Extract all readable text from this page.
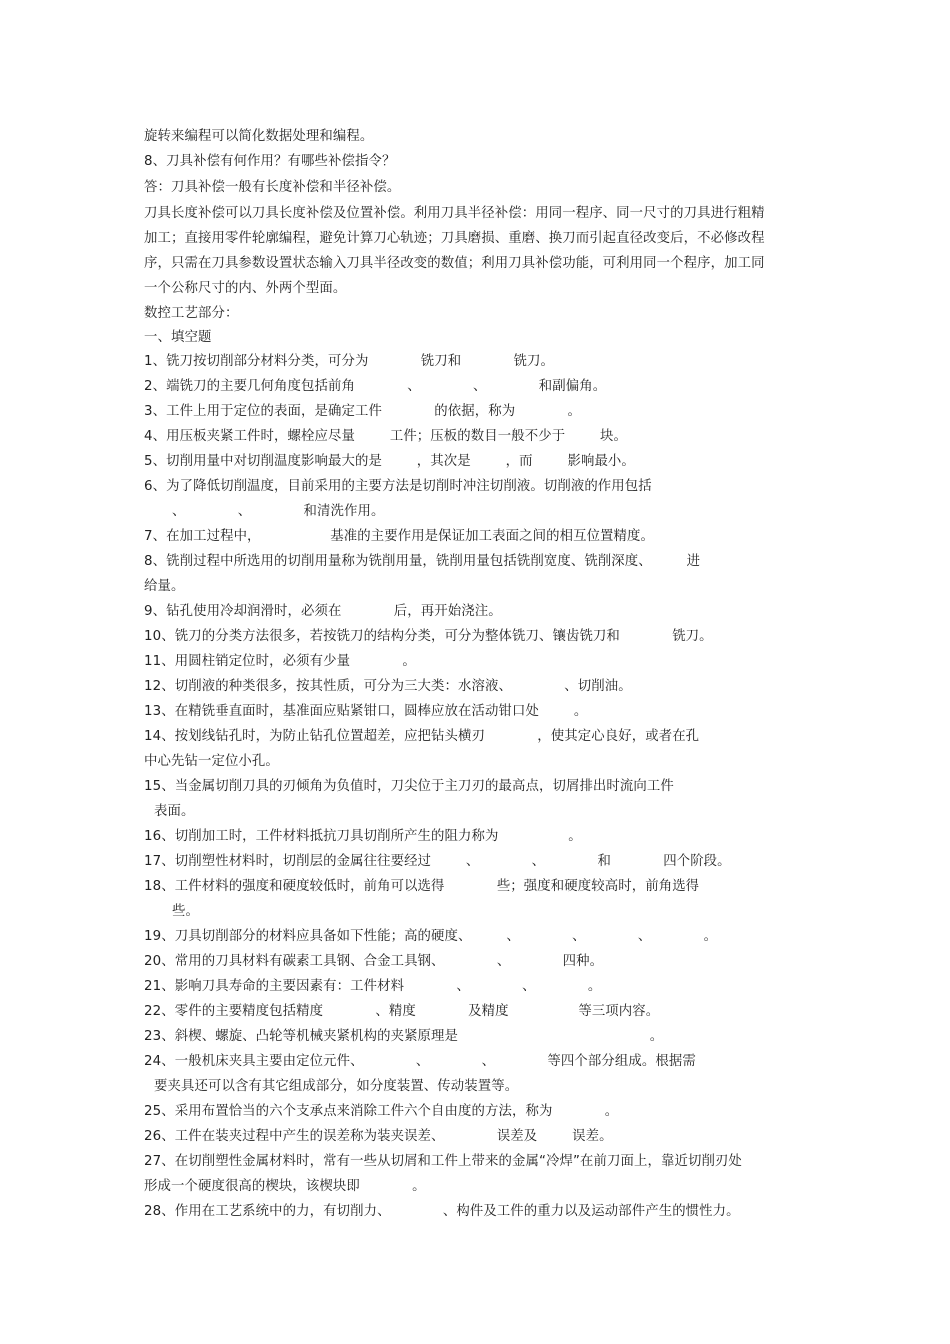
旋转来编程可以简化数据处理和编程。

8、刀具补偿有何作用？有哪些补偿指令？

答：刀具补偿一般有长度补偿和半径补偿。

刀具长度补偿可以刀具长度补偿及位置补偿。利用刀具半径补偿：用同一程序、同一尺寸的刀具进行粗精

加工；直接用零件轮廓编程，避免计算刀心轨迹；刀具磨损、重磨、换刀而引起直径改变后，不必修改程

序，只需在刀具参数设置状态输入刀具半径改变的数值；利用刀具补偿功能，可利用同一个程序，加工同

一个公称尺寸的内、外两个型面。

数控工艺部分：

一、填空题

1、铣刀按切削部分材料分类，可分为            铣刀和            铣刀。

2、端铣刀的主要几何角度包括前角            、            、            和副偏角。

3、工件上用于定位的表面，是确定工件            的依据，称为            。

4、用压板夹紧工件时，螺栓应尽量        工件；压板的数目一般不少于        块。

5、切削用量中对切削温度影响最大的是        ，其次是        ，而        影响最小。

6、为了降低切削温度，目前采用的主要方法是切削时冲注切削液。切削液的作用包括

、            、            和清洗作用。

7、在加工过程中，                基准的主要作用是保证加工表面之间的相互位置精度。

8、铣削过程中所选用的切削用量称为铣削用量，铣削用量包括铣削宽度、铣削深度、        进

给量。

9、钻孔使用冷却润滑时，必须在            后，再开始浇注。

10、铣刀的分类方法很多，若按铣刀的结构分类，可分为整体铣刀、镶齿铣刀和            铣刀。

11、用圆柱销定位时，必须有少量            。

12、切削液的种类很多，按其性质，可分为三大类：水溶液、            、切削油。

13、在精铣垂直面时，基准面应贴紧钳口，圆棒应放在活动钳口处        。

14、按划线钻孔时，为防止钻孔位置超差，应把钻头横刃            ，使其定心良好，或者在孔

中心先钻一定位小孔。

15、当金属切削刀具的刃倾角为负值时，刀尖位于主刀刃的最高点，切屑排出时流向工件

表面。

16、切削加工时，工件材料抵抗刀具切削所产生的阻力称为                。

17、切削塑性材料时，切削层的金属往往要经过        、            、            和            四个阶段。

18、工件材料的强度和硬度较低时，前角可以选得            些；强度和硬度较高时，前角选得

些。

19、刀具切削部分的材料应具备如下性能；高的硬度、        、            、            、            。

20、常用的刀具材料有碳素工具钢、合金工具钢、            、            四种。

21、影响刀具寿命的主要因素有：工件材料            、            、            。

22、零件的主要精度包括精度            、精度            及精度                等三项内容。

23、斜楔、螺旋、凸轮等机械夹紧机构的夹紧原理是                                            。

24、一般机床夹具主要由定位元件、            、            、            等四个部分组成。根据需

要夹具还可以含有其它组成部分，如分度装置、传动装置等。

25、采用布置恰当的六个支承点来消除工件六个自由度的方法，称为            。

26、工件在装夹过程中产生的误差称为装夹误差、            误差及        误差。

27、在切削塑性金属材料时，常有一些从切屑和工件上带来的金属“冷焊”在前刀面上，靠近切削刃处

形成一个硬度很高的楔块，该楔块即            。

28、作用在工艺系统中的力，有切削力、            、构件及工件的重力以及运动部件产生的惯性力。
